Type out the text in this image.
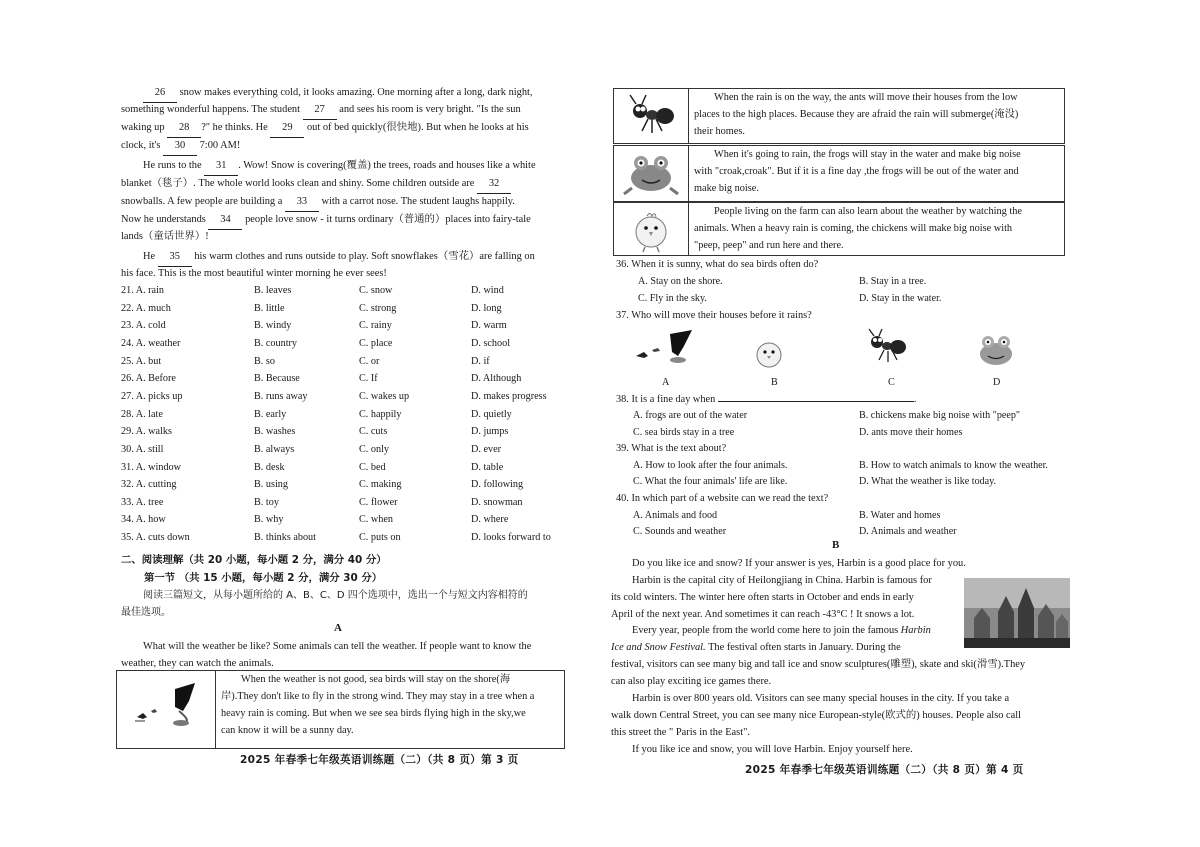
26 snow makes everything cold, it looks amazing. One morning after a long, dark night,

something wonderful happens. The student 27 and sees his room is very bright. "Is the sun

waking up 28 ?" he thinks. He 29 out of bed quickly(很快地). But when he looks at his

clock, it's 30 7:00 AM!

He runs to the 31 . Wow! Snow is covering(覆盖) the trees, roads and houses like a white

blanket（毯子）. The whole world looks clean and shiny. Some children outside are 32

snowballs. A few people are building a 33 with a carrot nose. The student laughs happily.

Now he understands 34 people love snow - it turns ordinary（普通的）places into fairy-tale

lands（童话世界）!

He 35 his warm clothes and runs outside to play. Soft snowflakes（雪花）are falling on

his face. This is the most beautiful winter morning he ever sees!

21. A. rain	B. leaves	C. snow	D. wind
22. A. much	B. little	C. strong	D. long
23. A. cold	B. windy	C. rainy	D. warm
24. A. weather	B. country	C. place	D. school
25. A. but	B. so	C. or	D. if
26. A. Before	B. Because	C. If	D. Although
27. A. picks up	B. runs away	C. wakes up	D. makes progress
28. A. late	B. early	C. happily	D. quietly
29. A. walks	B. washes	C. cuts	D. jumps
30. A. still	B. always	C. only	D. ever
31. A. window	B. desk	C. bed	D. table
32. A. cutting	B. using	C. making	D. following
33. A. tree	B. toy	C. flower	D. snowman
34. A. how	B. why	C. when	D. where
35. A. cuts down	B. thinks about	C. puts on	D. looks forward to
二、阅读理解（共 20 小题，每小题 2 分，满分 40 分）
第一节 （共 15 小题，每小题 2 分，满分 30 分）
阅读三篇短文，从每小题所给的 A、B、C、D 四个选项中，选出一个与短文内容相符的
最佳选项。
A

What will the weather be like? Some animals can tell the weather. If people want to know the

weather, they can watch the animals.

When the weather is not good, sea birds will stay on the shore(海
岸).They don't like to fly in the strong wind. They may stay in a tree when a
heavy rain is coming. But when we see sea birds flying high in the sky,we
can know it will be a sunny day.
2025 年春季七年级英语训练题（二）（共 8 页）第 3 页
When the rain is on the way, the ants will move their houses from the low
places to the high places. Because they are afraid the rain will submerge(淹没)
their homes.
When it's going to rain, the frogs will stay in the water and make big noise
with "croak,croak". But if it is a fine day ,the frogs will be out of the water and
make big noise.
People living on the farm can also learn about the weather by watching the
animals. When a heavy rain is coming, the chickens will make big noise with
"peep, peep" and run here and there.
36. When it is sunny, what do sea birds often do?
A. Stay on the shore.	B. Stay in a tree.
C. Fly in the sky.	D. Stay in the water.
37. Who will move their houses before it rains?
A	B	C	D
38. It is a fine day when	.
A. frogs are out of the water	B. chickens make big noise with "peep"
C. sea birds stay in a tree	D. ants move their homes
39. What is the text about?
A. How to look after the four animals.	B. How to watch animals to know the weather.
C. What the four animals' life are like.	D. What the weather is like today.
40. In which part of a website can we read the text?
A. Animals and food	B. Water and homes
C. Sounds and weather	D. Animals and weather
B

Do you like ice and snow? If your answer is yes, Harbin is a good place for you.

Harbin is the capital city of Heilongjiang in China. Harbin is famous for

its cold winters. The winter here often starts in October and ends in early

April of the next year. And sometimes it can reach -43°C ! It snows a lot.

Every year, people from the world come here to join the famous Harbin

Ice and Snow Festival. The festival often starts in January. During the

festival, visitors can see many big and tall ice and snow sculptures(雕塑), skate and ski(滑雪).They

can also play exciting ice games there.

Harbin is over 800 years old. Visitors can see many special houses in the city. If you take a

walk down Central Street, you can see many nice European-style(欧式的) houses. People also call

this street the " Paris in the East".

If you like ice and snow, you will love Harbin. Enjoy yourself here.

2025 年春季七年级英语训练题（二）（共 8 页）第 4 页
